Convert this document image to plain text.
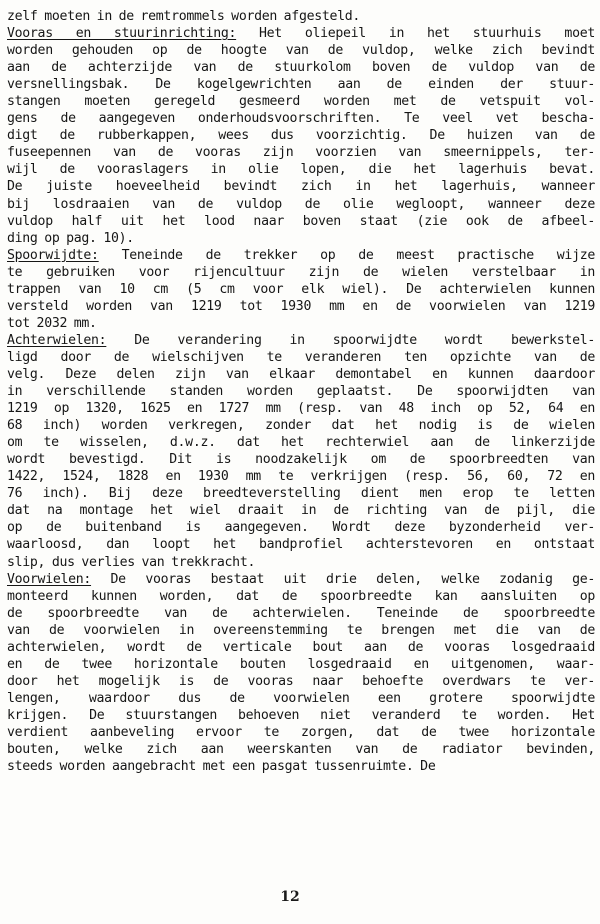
zelf moeten in de remtrommels worden afgesteld.
Vooras en stuurinrichting: Het oliepeil in het stuurhuis moet
worden gehouden op de hoogte van de vuldop, welke zich bevindt
aan de achterzijde van de stuurkolom boven de vuldop van de
versnellingsbak. De kogelgewrichten aan de einden der stuur-
stangen moeten geregeld gesmeerd worden met de vetspuit vol-
gens de aangegeven onderhoudsvoorschriften. Te veel vet bescha-
digt de rubberkappen, wees dus voorzichtig. De huizen van de
fuseepennen van de vooras zijn voorzien van smeernippels, ter-
wijl de vooraslagers in olie lopen, die het lagerhuis bevat.
De juiste hoeveelheid bevindt zich in het lagerhuis, wanneer
bij losdraaien van de vuldop de olie wegloopt, wanneer deze
vuldop half uit het lood naar boven staat (zie ook de afbeel-
ding op pag. 10).
Spoorwijdte: Teneinde de trekker op de meest practische wijze
te gebruiken voor rijencultuur zijn de wielen verstelbaar in
trappen van 10 cm (5 cm voor elk wiel). De achterwielen kunnen
versteld worden van 1219 tot 1930 mm en de voorwielen van 1219
tot 2032 mm.
Achterwielen: De verandering in spoorwijdte wordt bewerkstel-
ligd door de wielschijven te veranderen ten opzichte van de
velg. Deze delen zijn van elkaar demontabel en kunnen daardoor
in verschillende standen worden geplaatst. De spoorwijdten van
1219 op 1320, 1625 en 1727 mm (resp. van 48 inch op 52, 64 en
68 inch) worden verkregen, zonder dat het nodig is de wielen
om te wisselen, d.w.z. dat het rechterwiel aan de linkerzijde
wordt bevestigd. Dit is noodzakelijk om de spoorbreedten van
1422, 1524, 1828 en 1930 mm te verkrijgen (resp. 56, 60, 72 en
76 inch). Bij deze breedteverstelling dient men erop te letten
dat na montage het wiel draait in de richting van de pijl, die
op de buitenband is aangegeven. Wordt deze byzonderheid ver-
waarloosd, dan loopt het bandprofiel achterstevoren en ontstaat
slip, dus verlies van trekkracht.
Voorwielen: De vooras bestaat uit drie delen, welke zodanig ge-
monteerd kunnen worden, dat de spoorbreedte kan aansluiten op
de spoorbreedte van de achterwielen. Teneinde de spoorbreedte
van de voorwielen in overeenstemming te brengen met die van de
achterwielen, wordt de verticale bout aan de vooras losgedraaid
en de twee horizontale bouten losgedraaid en uitgenomen, waar-
door het mogelijk is de vooras naar behoefte overdwars te ver-
lengen, waardoor dus de voorwielen een grotere spoorwijdte
krijgen. De stuurstangen behoeven niet veranderd te worden. Het
verdient aanbeveling ervoor te zorgen, dat de twee horizontale
bouten, welke zich aan weerskanten van de radiator bevinden,
steeds worden aangebracht met een pasgat tussenruimte. De
12
